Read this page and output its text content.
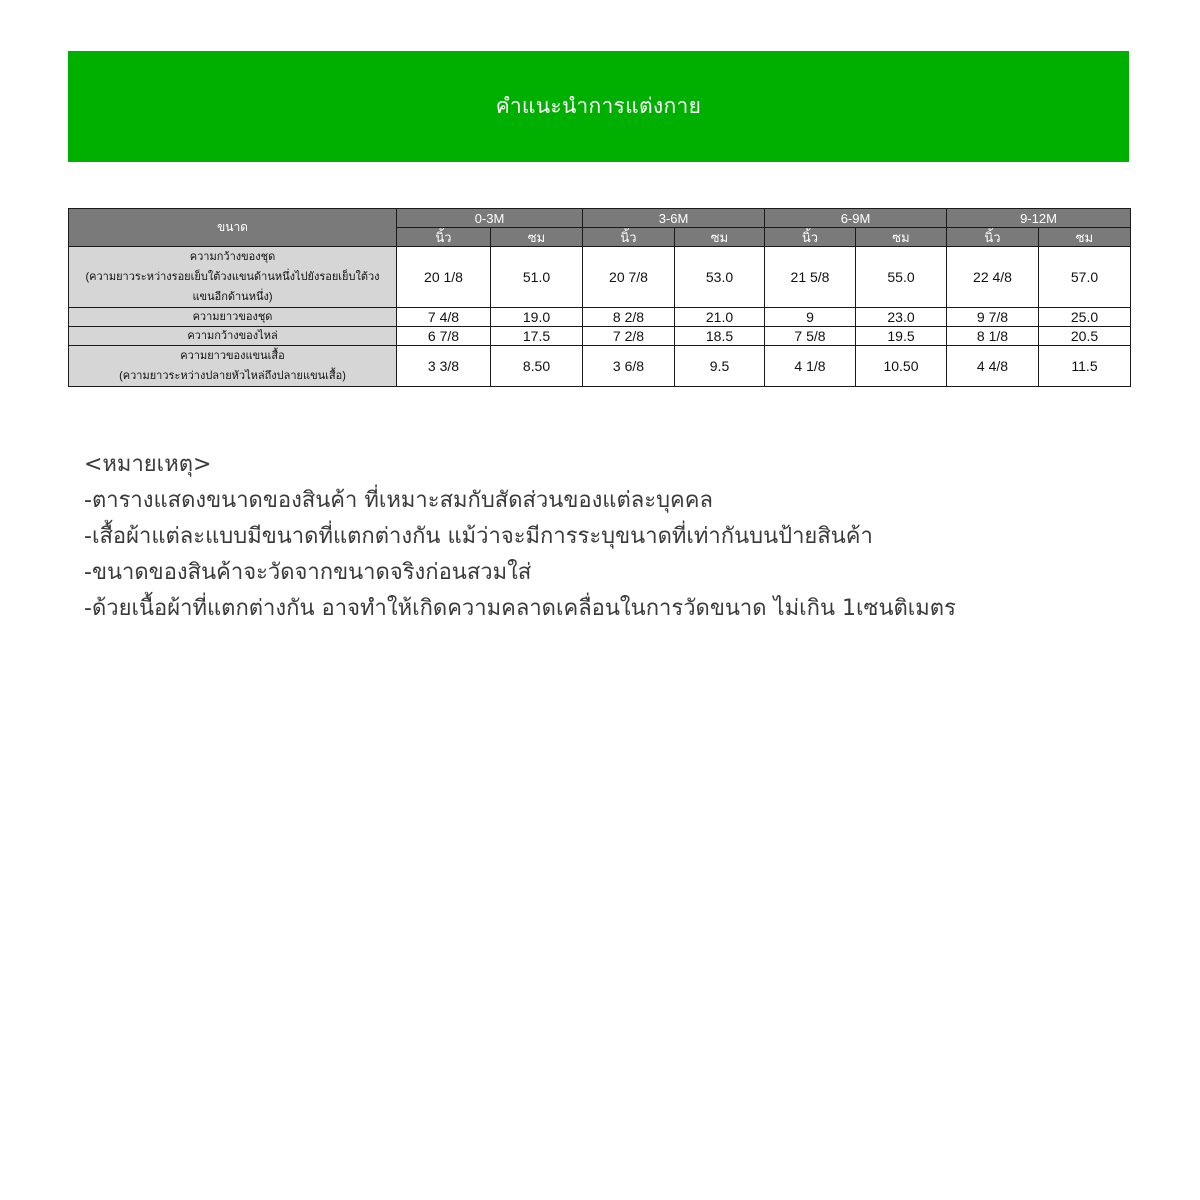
คำแนะนำการแต่งกาย
ขนาด	0-3M		3-6M		6-9M		9-12M	
	นิ้ว	ซม	นิ้ว	ซม	นิ้ว	ซม	นิ้ว	ซม

ความกว้างของชุด
(ความยาวระหว่างรอยเย็บใต้วงแขนด้านหนึ่งไปยังรอยเย็บใต้วง
แขนอีกด้านหนึ่ง)	20 1/8	51.0	20 7/8	53.0	21 5/8	55.0	22 4/8	57.0
ความยาวของชุด	7 4/8	19.0	8 2/8	21.0	9	23.0	9 7/8	25.0
ความกว้างของไหล่	6 7/8	17.5	7 2/8	18.5	7 5/8	19.5	8 1/8	20.5

ความยาวของแขนเสื้อ
(ความยาวระหว่างปลายหัวไหล่ถึงปลายแขนเสื้อ)	3 3/8	8.50	3 6/8	9.5	4 1/8	10.50	4 4/8	11.5
<หมายเหตุ>
-ตารางแสดงขนาดของสินค้า ที่เหมาะสมกับสัดส่วนของแต่ละบุคคล
-เสื้อผ้าแต่ละแบบมีขนาดที่แตกต่างกัน แม้ว่าจะมีการระบุขนาดที่เท่ากันบนป้ายสินค้า
-ขนาดของสินค้าจะวัดจากขนาดจริงก่อนสวมใส่
-ด้วยเนื้อผ้าที่แตกต่างกัน อาจทำให้เกิดความคลาดเคลื่อนในการวัดขนาด ไม่เกิน 1เซนติเมตร
